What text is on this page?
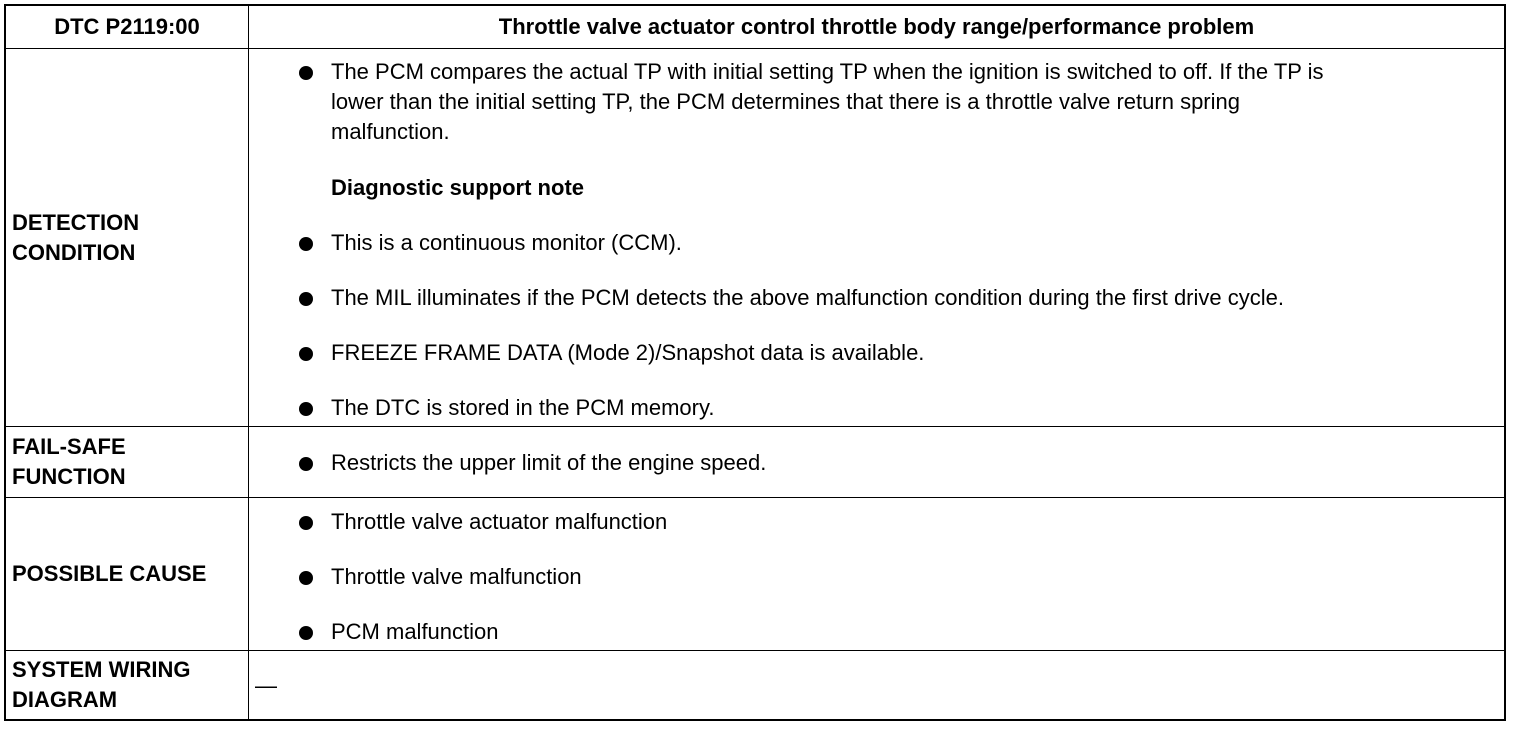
DTC P2119:00	Throttle valve actuator control throttle body range/performance problem
DETECTION
CONDITION
The PCM compares the actual TP with initial setting TP when the ignition is switched to off. If the TP is
lower than the initial setting TP, the PCM determines that there is a throttle valve return spring
malfunction.
Diagnostic support note
This is a continuous monitor (CCM).
The MIL illuminates if the PCM detects the above malfunction condition during the first drive cycle.
FREEZE FRAME DATA (Mode 2)/Snapshot data is available.
The DTC is stored in the PCM memory.
FAIL-SAFE
FUNCTION
Restricts the upper limit of the engine speed.
POSSIBLE CAUSE
Throttle valve actuator malfunction
Throttle valve malfunction
PCM malfunction
SYSTEM WIRING
DIAGRAM
—
